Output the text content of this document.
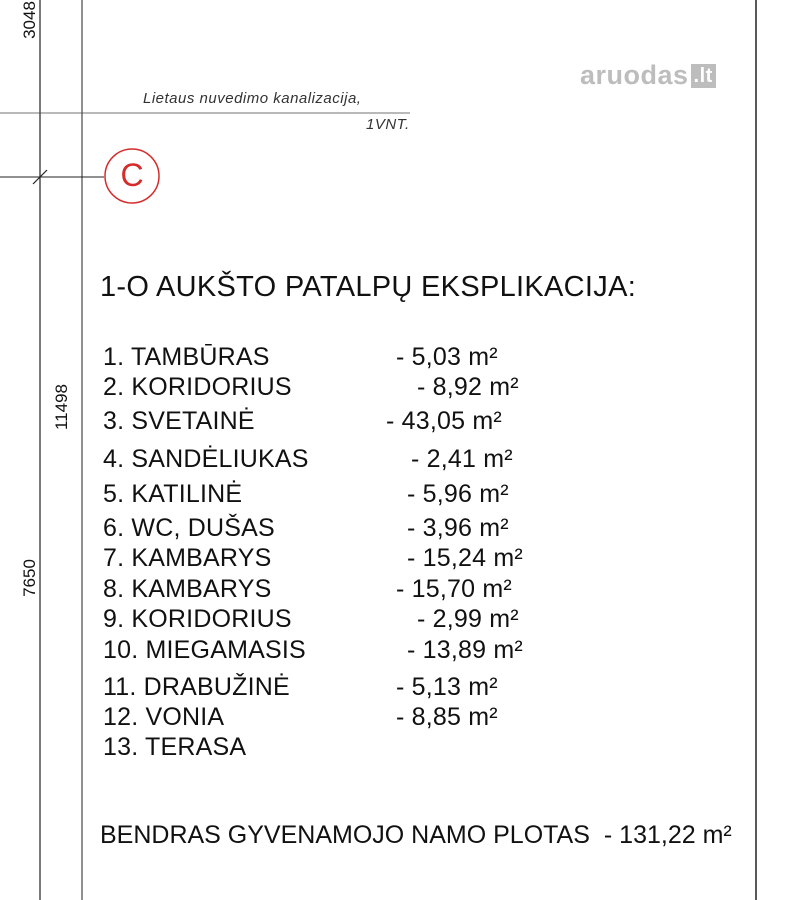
3048
11498
7650
Lietaus nuvedimo kanalizacija,
1VNT.
C
aruodas .lt
1-O AUKŠTO PATALPŲ EKSPLIKACIJA:
1. TAMBŪRAS	- 5,03 m²
2. KORIDORIUS	- 8,92 m²
3. SVETAINĖ	- 43,05 m²
4. SANDĖLIUKAS	- 2,41 m²
5. KATILINĖ	- 5,96 m²
6. WC, DUŠAS	- 3,96 m²
7. KAMBARYS	- 15,24 m²
8. KAMBARYS	- 15,70 m²
9. KORIDORIUS	- 2,99 m²
10. MIEGAMASIS	- 13,89 m²
11. DRABUŽINĖ	- 5,13 m²
12. VONIA	- 8,85 m²
13. TERASA
BENDRAS GYVENAMOJO NAMO PLOTAS - 131,22 m²
